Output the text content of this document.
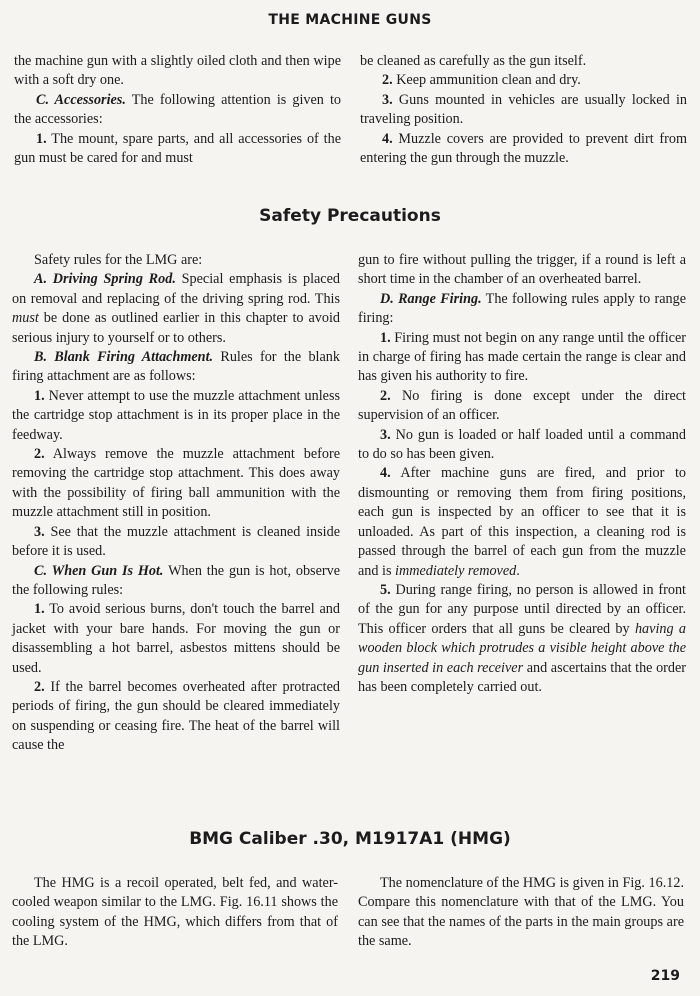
THE MACHINE GUNS

the machine gun with a slightly oiled cloth and then wipe with a soft dry one.

C. Accessories. The following attention is given to the accessories:

1. The mount, spare parts, and all accessories of the gun must be cared for and must

be cleaned as carefully as the gun itself.

2. Keep ammunition clean and dry.

3. Guns mounted in vehicles are usually locked in traveling position.

4. Muzzle covers are provided to prevent dirt from entering the gun through the muzzle.

Safety Precautions

Safety rules for the LMG are:

A. Driving Spring Rod. Special emphasis is placed on removal and replacing of the driving spring rod. This must be done as outlined earlier in this chapter to avoid serious injury to yourself or to others.

B. Blank Firing Attachment. Rules for the blank firing attachment are as follows:

1. Never attempt to use the muzzle attachment unless the cartridge stop attachment is in its proper place in the feedway.

2. Always remove the muzzle attachment before removing the cartridge stop attachment. This does away with the possibility of firing ball ammunition with the muzzle attachment still in position.

3. See that the muzzle attachment is cleaned inside before it is used.

C. When Gun Is Hot. When the gun is hot, observe the following rules:

1. To avoid serious burns, don't touch the barrel and jacket with your bare hands. For moving the gun or disassembling a hot barrel, asbestos mittens should be used.

2. If the barrel becomes overheated after protracted periods of firing, the gun should be cleared immediately on suspending or ceasing fire. The heat of the barrel will cause the

gun to fire without pulling the trigger, if a round is left a short time in the chamber of an overheated barrel.

D. Range Firing. The following rules apply to range firing:

1. Firing must not begin on any range until the officer in charge of firing has made certain the range is clear and has given his authority to fire.

2. No firing is done except under the direct supervision of an officer.

3. No gun is loaded or half loaded until a command to do so has been given.

4. After machine guns are fired, and prior to dismounting or removing them from firing positions, each gun is inspected by an officer to see that it is unloaded. As part of this inspection, a cleaning rod is passed through the barrel of each gun from the muzzle and is immediately removed.

5. During range firing, no person is allowed in front of the gun for any purpose until directed by an officer. This officer orders that all guns be cleared by having a wooden block which protrudes a visible height above the gun inserted in each receiver and ascertains that the order has been completely carried out.

BMG Caliber .30, M1917A1 (HMG)

The HMG is a recoil operated, belt fed, and water-cooled weapon similar to the LMG. Fig. 16.11 shows the cooling system of the HMG, which differs from that of the LMG.

The nomenclature of the HMG is given in Fig. 16.12. Compare this nomenclature with that of the LMG. You can see that the names of the parts in the main groups are the same.

219
